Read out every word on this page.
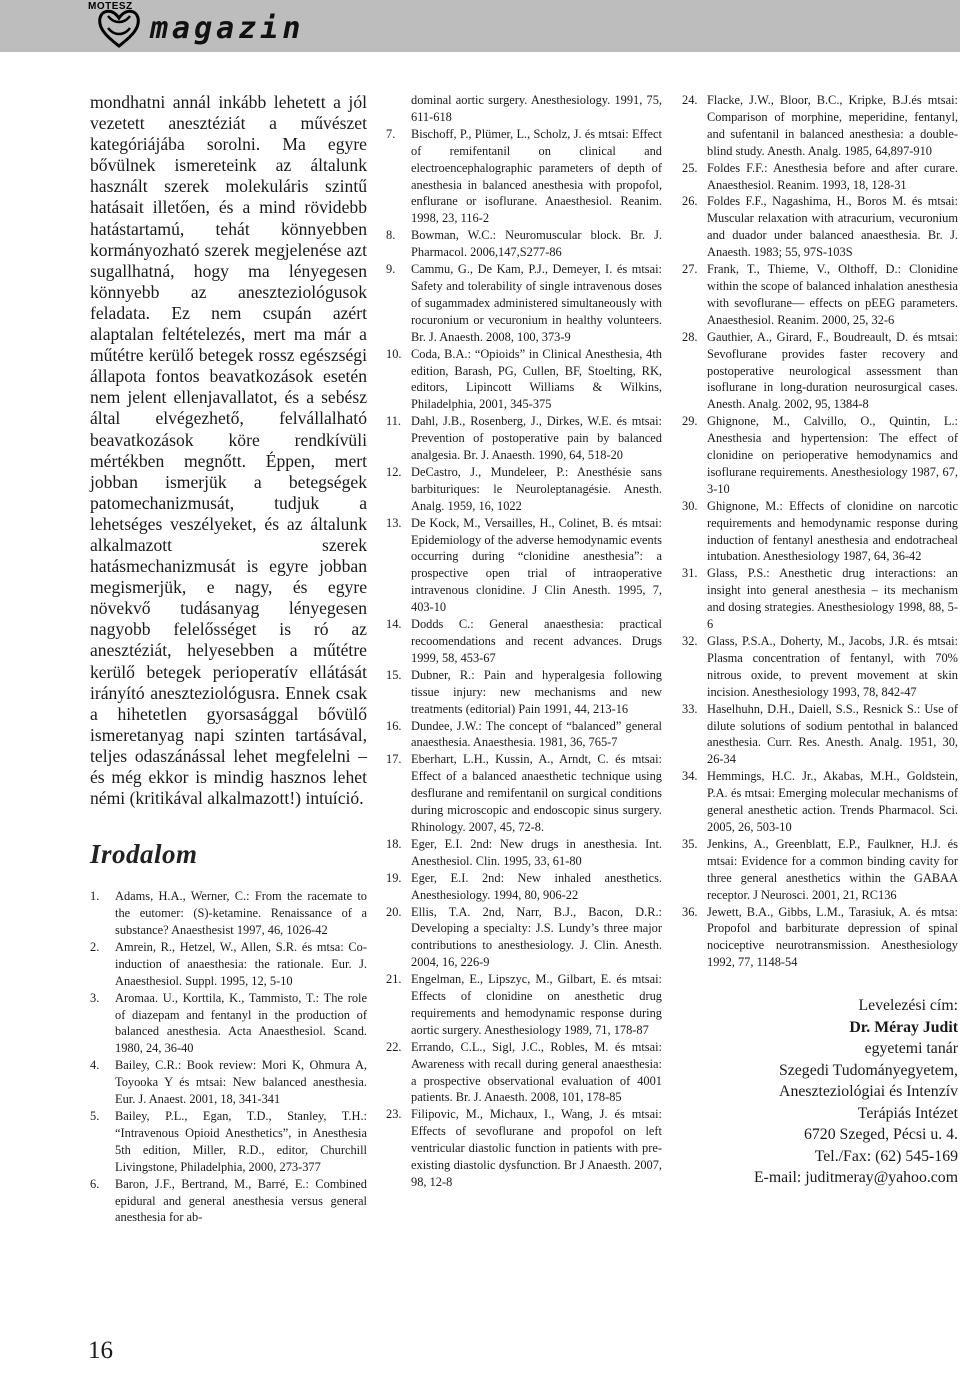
MOTESZ
magazin

mondhatni annál inkább lehetett a jól vezetett anesztéziát a művészet kategóriájába sorolni. Ma egyre bővülnek ismereteink az általunk használt szerek molekuláris szintű hatásait illetően, és a mind rövidebb hatástartamú, tehát könnyebben kormányozható szerek megjelenése azt sugallhatná, hogy ma lényegesen könnyebb az aneszteziológusok feladata. Ez nem csupán azért alaptalan feltételezés, mert ma már a műtétre kerülő betegek rossz egészségi állapota fontos beavatkozások esetén nem jelent ellenjavallatot, és a sebész által elvégezhető, felvállalható beavatkozások köre rendkívüli mértékben megnőtt. Éppen, mert jobban ismerjük a betegségek patomechanizmusát, tudjuk a lehetséges veszélyeket, és az általunk alkalmazott szerek hatásmechanizmusát is egyre jobban megismerjük, e nagy, és egyre növekvő tudásanyag lényegesen nagyobb felelősséget is ró az anesztéziát, helyesebben a műtétre kerülő betegek perioperatív ellátását irányító aneszteziológusra. Ennek csak a hihetetlen gyorsasággal bővülő ismeretanyag napi szinten tartásával, teljes odaszánással lehet megfelelni – és még ekkor is mindig hasznos lehet némi (kritikával alkalmazott!) intuíció.

Irodalom
1. Adams, H.A., Werner, C.: From the racemate to the eutomer: (S)-ketamine. Renaissance of a substance? Anaesthesist 1997, 46, 1026-42
2. Amrein, R., Hetzel, W., Allen, S.R. és mtsa: Co-induction of anaesthesia: the rationale. Eur. J. Anaesthesiol. Suppl. 1995, 12, 5-10
3. Aromaa. U., Korttila, K., Tammisto, T.: The role of diazepam and fentanyl in the production of balanced anesthesia. Acta Anaesthesiol. Scand. 1980, 24, 36-40
4. Bailey, C.R.: Book review: Mori K, Ohmura A, Toyooka Y és mtsai: New balanced anesthesia. Eur. J. Anaest. 2001, 18, 341-341
5. Bailey, P.L., Egan, T.D., Stanley, T.H.: “Intravenous Opioid Anesthetics”, in Anesthesia 5th edition, Miller, R.D., editor, Churchill Livingstone, Philadelphia, 2000, 273-377
6. Baron, J.F., Bertrand, M., Barré, E.: Combined epidural and general anesthesia versus general anesthesia for ab-
dominal aortic surgery. Anesthesiology. 1991, 75, 611-618
7. Bischoff, P., Plümer, L., Scholz, J. és mtsai: Effect of remifentanil on clinical and electroencephalographic parameters of depth of anesthesia in balanced anesthesia with propofol, enflurane or isoflurane. Anaesthesiol. Reanim. 1998, 23, 116-2
8. Bowman, W.C.: Neuromuscular block. Br. J. Pharmacol. 2006,147,S277-86
9. Cammu, G., De Kam, P.J., Demeyer, I. és mtsai: Safety and tolerability of single intravenous doses of sugammadex administered simultaneously with rocuronium or vecuronium in healthy volunteers. Br. J. Anaesth. 2008, 100, 373-9
10. Coda, B.A.: “Opioids” in Clinical Anesthesia, 4th edition, Barash, PG, Cullen, BF, Stoelting, RK, editors, Lipincott Williams & Wilkins, Philadelphia, 2001, 345-375
11. Dahl, J.B., Rosenberg, J., Dirkes, W.E. és mtsai: Prevention of postoperative pain by balanced analgesia. Br. J. Anaesth. 1990, 64, 518-20
12. DeCastro, J., Mundeleer, P.: Anesthésie sans barbituriques: le Neuroleptanagésie. Anesth. Analg. 1959, 16, 1022
13. De Kock, M., Versailles, H., Colinet, B. és mtsai: Epidemiology of the adverse hemodynamic events occurring during “clonidine anesthesia”: a prospective open trial of intraoperative intravenous clonidine. J Clin Anesth. 1995, 7, 403-10
14. Dodds C.: General anaesthesia: practical recoomendations and recent advances. Drugs 1999, 58, 453-67
15. Dubner, R.: Pain and hyperalgesia following tissue injury: new mechanisms and new treatments (editorial) Pain 1991, 44, 213-16
16. Dundee, J.W.: The concept of “balanced” general anaesthesia. Anaesthesia. 1981, 36, 765-7
17. Eberhart, L.H., Kussin, A., Arndt, C. és mtsai: Effect of a balanced anaesthetic technique using desflurane and remifentanil on surgical conditions during microscopic and endoscopic sinus surgery. Rhinology. 2007, 45, 72-8.
18. Eger, E.I. 2nd: New drugs in anesthesia. Int. Anesthesiol. Clin. 1995, 33, 61-80
19. Eger, E.I. 2nd: New inhaled anesthetics. Anesthesiology. 1994, 80, 906-22
20. Ellis, T.A. 2nd, Narr, B.J., Bacon, D.R.: Developing a specialty: J.S. Lundy’s three major contributions to anesthesiology. J. Clin. Anesth. 2004, 16, 226-9
21. Engelman, E., Lipszyc, M., Gilbart, E. és mtsai: Effects of clonidine on anesthetic drug requirements and hemodynamic response during aortic surgery. Anesthesiology 1989, 71, 178-87
22. Errando, C.L., Sigl, J.C., Robles, M. és mtsai: Awareness with recall during general anaesthesia: a prospective observational evaluation of 4001 patients. Br. J. Anaesth. 2008, 101, 178-85
23. Filipovic, M., Michaux, I., Wang, J. és mtsai: Effects of sevoflurane and propofol on left ventricular diastolic function in patients with pre-existing diastolic dysfunction. Br J Anaesth. 2007, 98, 12-8
24. Flacke, J.W., Bloor, B.C., Kripke, B.J.és mtsai: Comparison of morphine, meperidine, fentanyl, and sufentanil in balanced anesthesia: a double-blind study. Anesth. Analg. 1985, 64,897-910
25. Foldes F.F.: Anesthesia before and after curare. Anaesthesiol. Reanim. 1993, 18, 128-31
26. Foldes F.F., Nagashima, H., Boros M. és mtsai: Muscular relaxation with atracurium, vecuronium and duador under balanced anaesthesia. Br. J. Anaesth. 1983; 55, 97S-103S
27. Frank, T., Thieme, V., Olthoff, D.: Clonidine within the scope of balanced inhalation anesthesia with sevoflurane— effects on pEEG parameters. Anaesthesiol. Reanim. 2000, 25, 32-6
28. Gauthier, A., Girard, F., Boudreault, D. és mtsai: Sevoflurane provides faster recovery and postoperative neurological assessment than isoflurane in long-duration neurosurgical cases. Anesth. Analg. 2002, 95, 1384-8
29. Ghignone, M., Calvillo, O., Quintin, L.: Anesthesia and hypertension: The effect of clonidine on perioperative hemodynamics and isoflurane requirements. Anesthesiology 1987, 67, 3-10
30. Ghignone, M.: Effects of clonidine on narcotic requirements and hemodynamic response during induction of fentanyl anesthesia and endotracheal intubation. Anesthesiology 1987, 64, 36-42
31. Glass, P.S.: Anesthetic drug interactions: an insight into general anesthesia – its mechanism and dosing strategies. Anesthesiology 1998, 88, 5-6
32. Glass, P.S.A., Doherty, M., Jacobs, J.R. és mtsai: Plasma concentration of fentanyl, with 70% nitrous oxide, to prevent movement at skin incision. Anesthesiology 1993, 78, 842-47
33. Haselhuhn, D.H., Daiell, S.S., Resnick S.: Use of dilute solutions of sodium pentothal in balanced anesthesia. Curr. Res. Anesth. Analg. 1951, 30, 26-34
34. Hemmings, H.C. Jr., Akabas, M.H., Goldstein, P.A. és mtsai: Emerging molecular mechanisms of general anesthetic action. Trends Pharmacol. Sci. 2005, 26, 503-10
35. Jenkins, A., Greenblatt, E.P., Faulkner, H.J. és mtsai: Evidence for a common binding cavity for three general anesthetics within the GABAA receptor. J Neurosci. 2001, 21, RC136
36. Jewett, B.A., Gibbs, L.M., Tarasiuk, A. és mtsa: Propofol and barbiturate depression of spinal nociceptive neurotransmission. Anesthesiology 1992, 77, 1148-54
Levelezési cím:
Dr. Méray Judit
egyetemi tanár
Szegedi Tudományegyetem,
Aneszteziológiai és Intenzív
Terápiás Intézet
6720 Szeged, Pécsi u. 4.
Tel./Fax: (62) 545-169
E-mail: juditmeray@yahoo.com
16
